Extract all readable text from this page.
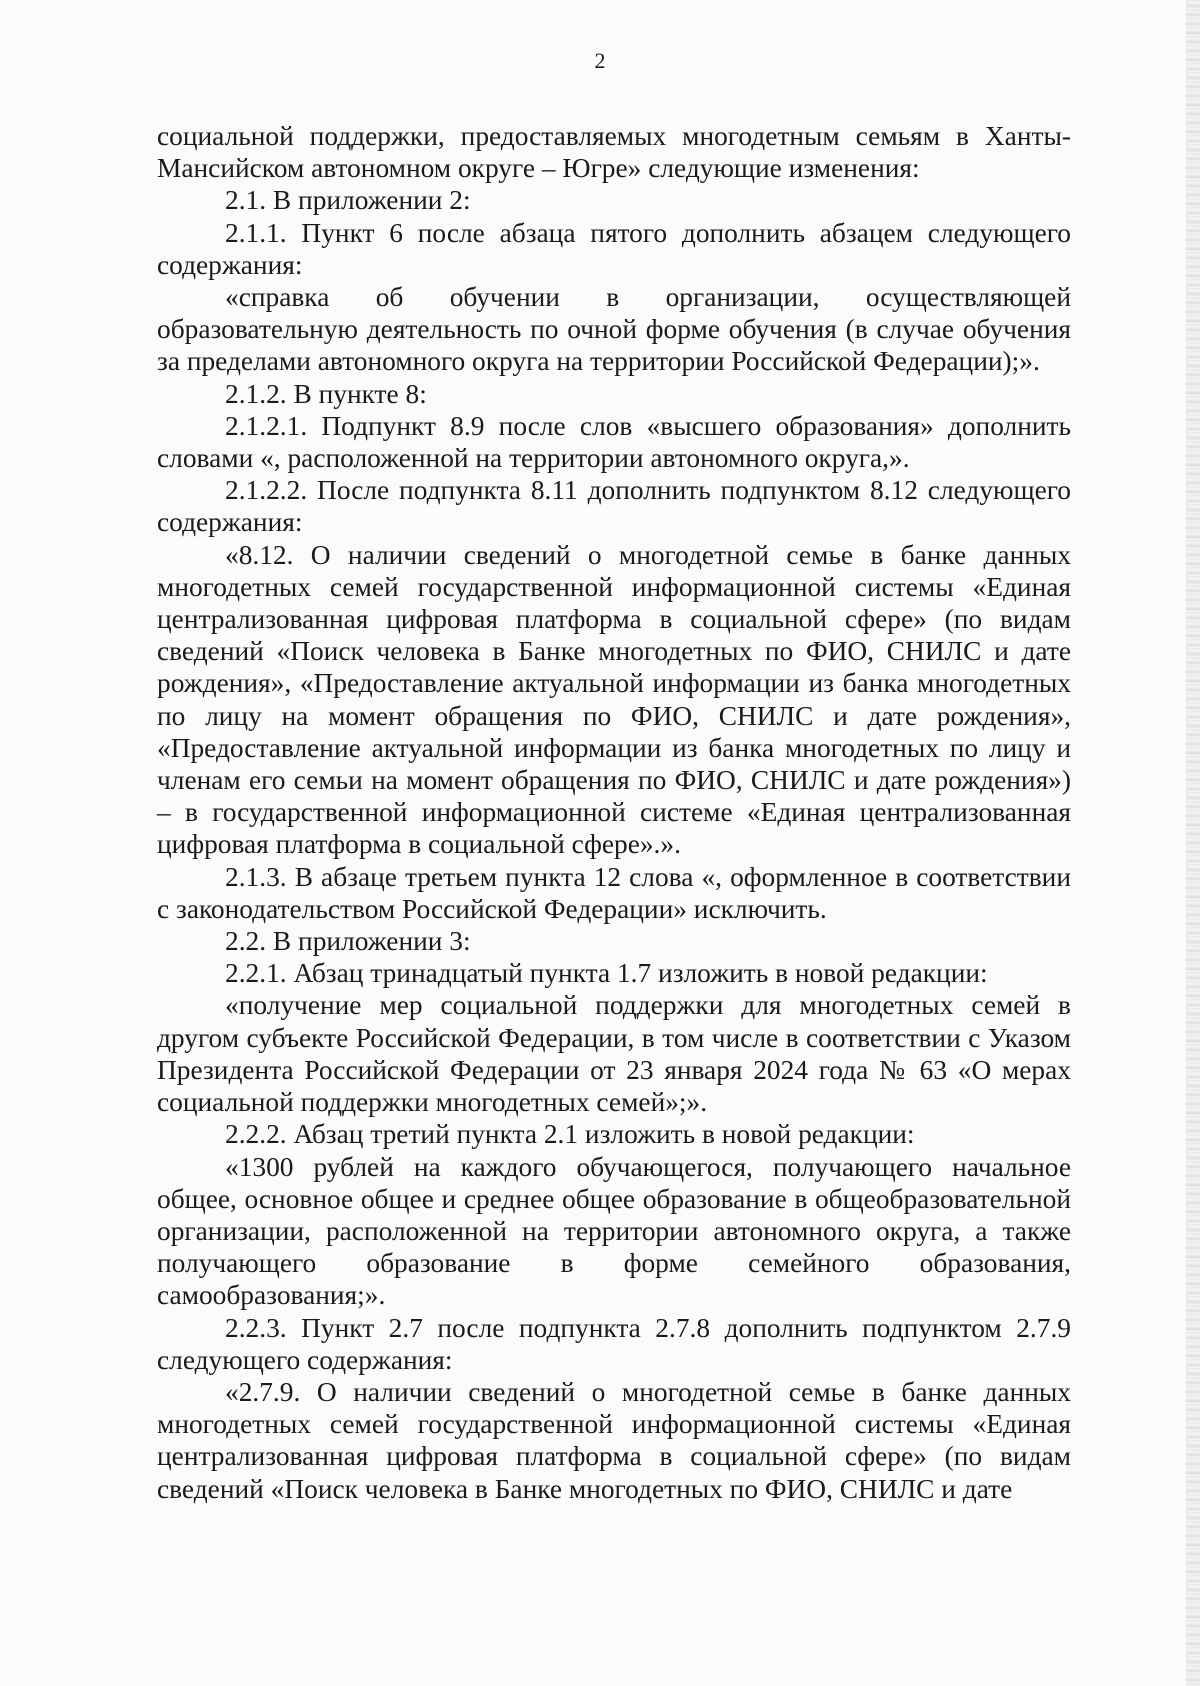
2

социальной поддержки, предоставляемых многодетным семьям в Ханты-Мансийском автономном округе – Югре» следующие изменения:

2.1. В приложении 2:

2.1.1. Пункт 6 после абзаца пятого дополнить абзацем следующего содержания:

«справка об обучении в организации, осуществляющей образовательную деятельность по очной форме обучения (в случае обучения за пределами автономного округа на территории Российской Федерации);».

2.1.2. В пункте 8:

2.1.2.1. Подпункт 8.9 после слов «высшего образования» дополнить словами «, расположенной на территории автономного округа,».

2.1.2.2. После подпункта 8.11 дополнить подпунктом 8.12 следующего содержания:

«8.12. О наличии сведений о многодетной семье в банке данных многодетных семей государственной информационной системы «Единая централизованная цифровая платформа в социальной сфере» (по видам сведений «Поиск человека в Банке многодетных по ФИО, СНИЛС и дате рождения», «Предоставление актуальной информации из банка многодетных по лицу на момент обращения по ФИО, СНИЛС и дате рождения», «Предоставление актуальной информации из банка многодетных по лицу и членам его семьи на момент обращения по ФИО, СНИЛС и дате рождения») – в государственной информационной системе «Единая централизованная цифровая платформа в социальной сфере».».

2.1.3. В абзаце третьем пункта 12 слова «, оформленное в соответствии с законодательством Российской Федерации» исключить.

2.2. В приложении 3:

2.2.1. Абзац тринадцатый пункта 1.7 изложить в новой редакции:

«получение мер социальной поддержки для многодетных семей в другом субъекте Российской Федерации, в том числе в соответствии с Указом Президента Российской Федерации от 23 января 2024 года № 63 «О мерах социальной поддержки многодетных семей»;».

2.2.2. Абзац третий пункта 2.1 изложить в новой редакции:

«1300 рублей на каждого обучающегося, получающего начальное общее, основное общее и среднее общее образование в общеобразовательной организации, расположенной на территории автономного округа, а также получающего образование в форме семейного образования, самообразования;».

2.2.3. Пункт 2.7 после подпункта 2.7.8 дополнить подпунктом 2.7.9 следующего содержания:

«2.7.9. О наличии сведений о многодетной семье в банке данных многодетных семей государственной информационной системы «Единая централизованная цифровая платформа в социальной сфере» (по видам сведений «Поиск человека в Банке многодетных по ФИО, СНИЛС и дате
